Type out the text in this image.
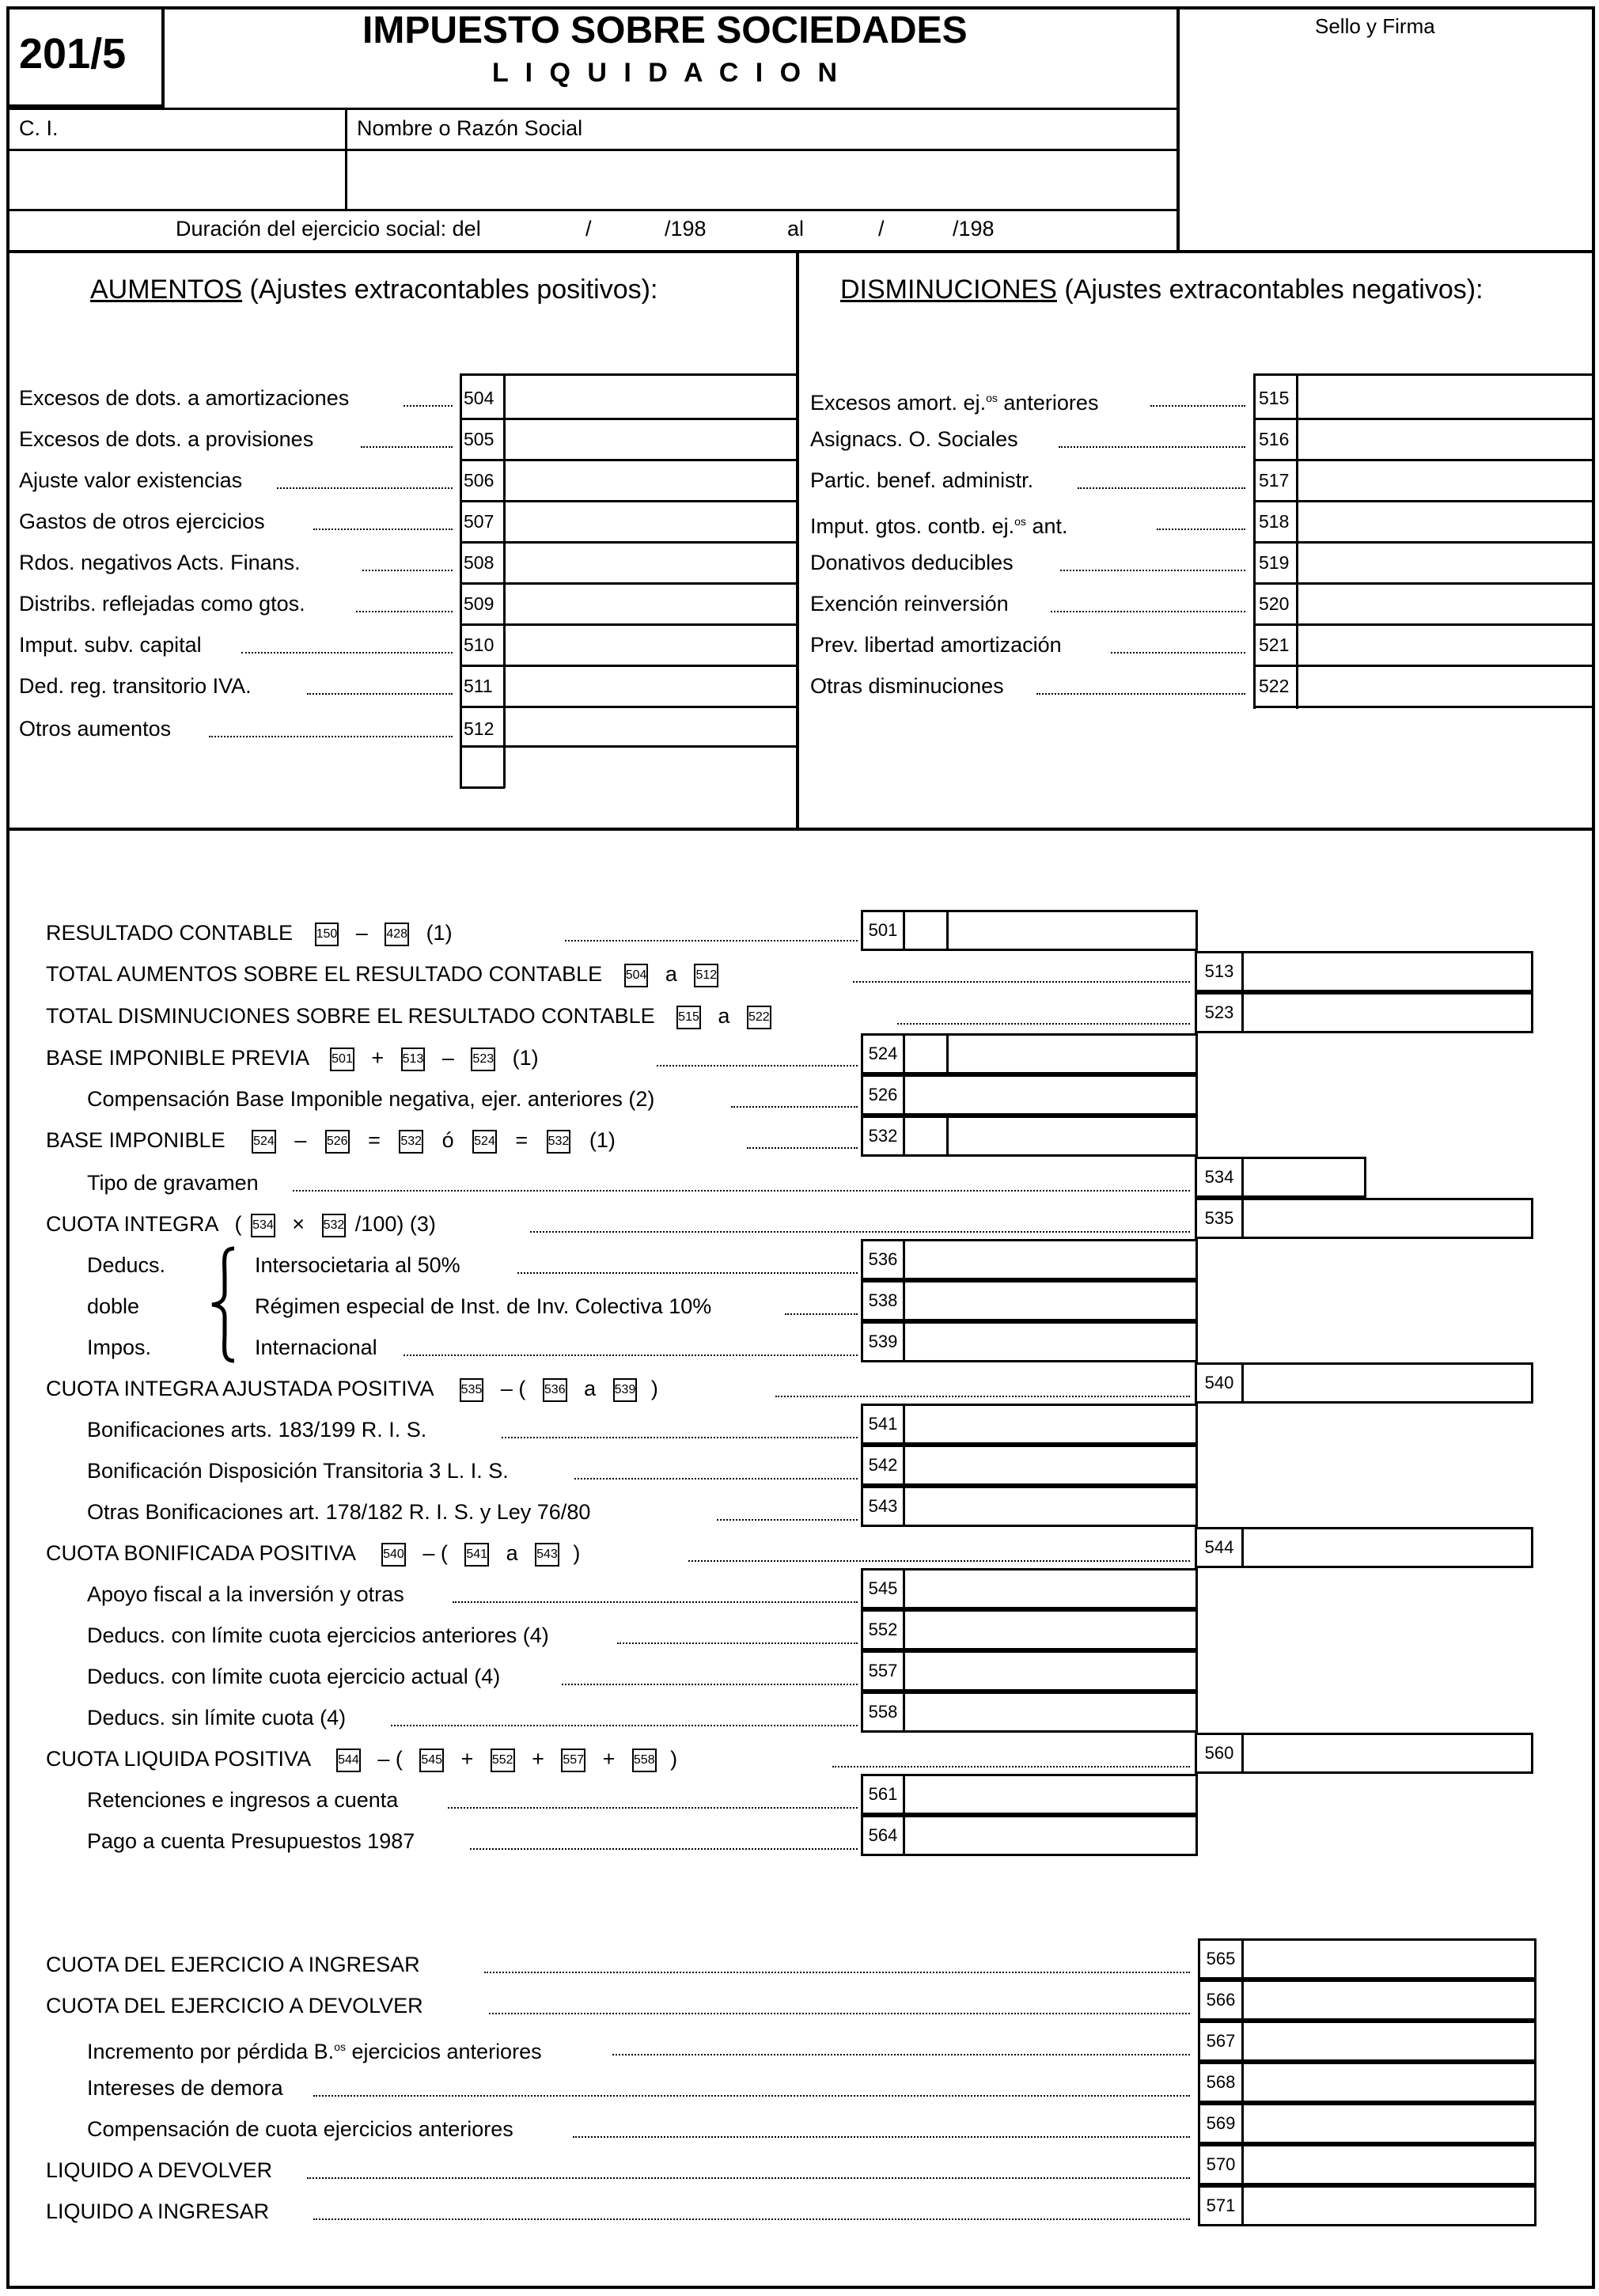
201/5	IMPUESTO SOBRE SOCIEDADES
L I Q U I D A C I O N
Sello y Firma
C. I.	Nombre o Razón Social
Duración del ejercicio social: del	/	/198	al	/	/198
AUMENTOS (Ajustes extracontables positivos):	DISMINUCIONES (Ajustes extracontables negativos):
Excesos de dots. a amortizaciones	504
Excesos de dots. a provisiones	505
Ajuste valor existencias	506
Gastos de otros ejercicios	507
Rdos. negativos Acts. Finans.	508
Distribs. reflejadas como gtos.	509
Imput. subv. capital	510
Ded. reg. transitorio IVA.	511
Otros aumentos	512
Excesos amort. ej.$^{os}$ anteriores	515
Asignacs. O. Sociales	516
Partic. benef. administr.	517
Imput. gtos. contb. ej.$^{os}$ ant.	518
Donativos deducibles	519
Exención reinversión	520
Prev. libertad amortización	521
Otras disminuciones	522
RESULTADO CONTABLE 150 – 428 (1)	501
TOTAL AUMENTOS SOBRE EL RESULTADO CONTABLE 504 a 512	513
TOTAL DISMINUCIONES SOBRE EL RESULTADO CONTABLE 515 a 522	523
BASE IMPONIBLE PREVIA 501 + 513 – 523 (1)	524
Compensación Base Imponible negativa, ejer. anteriores (2)	526
BASE IMPONIBLE 524 – 526 = 532 ó 524 = 532 (1)	532
Tipo de gravamen	534
CUOTA INTEGRA ( 534 × 532 /100) (3)	535
Deducs.
doble
Impos.
Intersocietaria al 50%	536
Régimen especial de Inst. de Inv. Colectiva 10%	538
Internacional	539
CUOTA INTEGRA AJUSTADA POSITIVA 535 – ( 536 a 539 )	540
Bonificaciones arts. 183/199 R. I. S.	541
Bonificación Disposición Transitoria 3 L. I. S.	542
Otras Bonificaciones art. 178/182 R. I. S. y Ley 76/80	543
CUOTA BONIFICADA POSITIVA 540 – ( 541 a 543 )	544
Apoyo fiscal a la inversión y otras	545
Deducs. con límite cuota ejercicios anteriores (4)	552
Deducs. con límite cuota ejercicio actual (4)	557
Deducs. sin límite cuota (4)	558
CUOTA LIQUIDA POSITIVA 544 – ( 545 + 552 + 557 + 558 )	560
Retenciones e ingresos a cuenta	561
Pago a cuenta Presupuestos 1987	564
CUOTA DEL EJERCICIO A INGRESAR	565
CUOTA DEL EJERCICIO A DEVOLVER	566
Incremento por pérdida B.$^{os}$ ejercicios anteriores	567
Intereses de demora	568
Compensación de cuota ejercicios anteriores	569
LIQUIDO A DEVOLVER	570
LIQUIDO A INGRESAR	571
